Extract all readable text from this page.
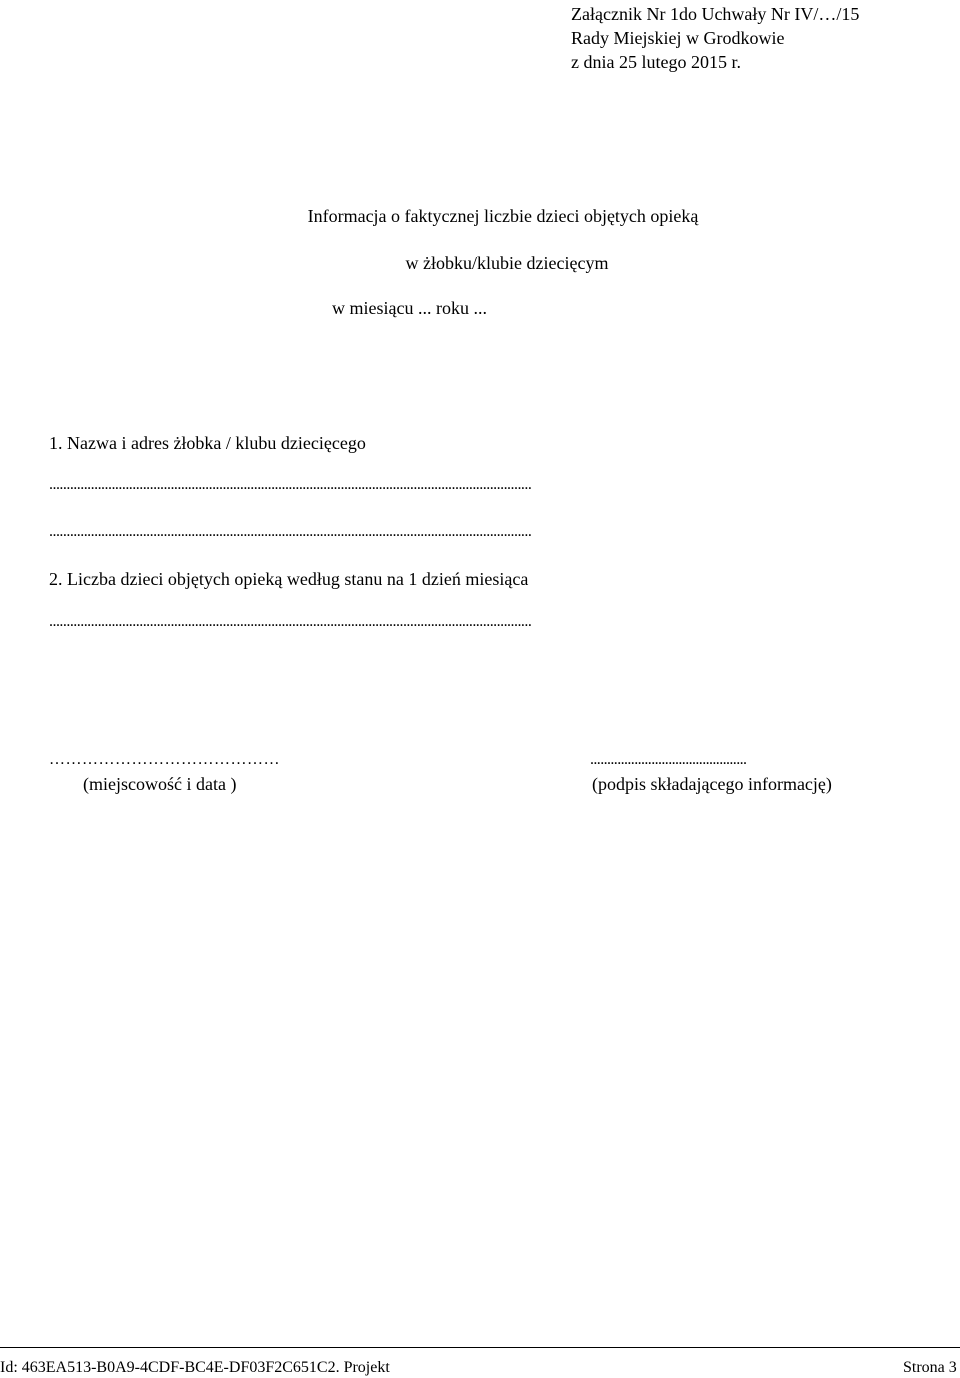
Załącznik Nr 1do Uchwały Nr IV/…/15
Rady Miejskiej w Grodkowie
z dnia 25 lutego 2015 r.
Informacja o faktycznej liczbie dzieci objętych opieką
w żłobku/klubie dziecięcym
w miesiącu ... roku ...
1. Nazwa i adres żłobka / klubu dziecięcego
...........................................................................................................................................
...........................................................................................................................................
2. Liczba dzieci objętych opieką według stanu na 1 dzień miesiąca
...........................................................................................................................................
……………………………………
(miejscowość i data )
..............................................
(podpis składającego informację)
Id: 463EA513-B0A9-4CDF-BC4E-DF03F2C651C2. Projekt	Strona 3
